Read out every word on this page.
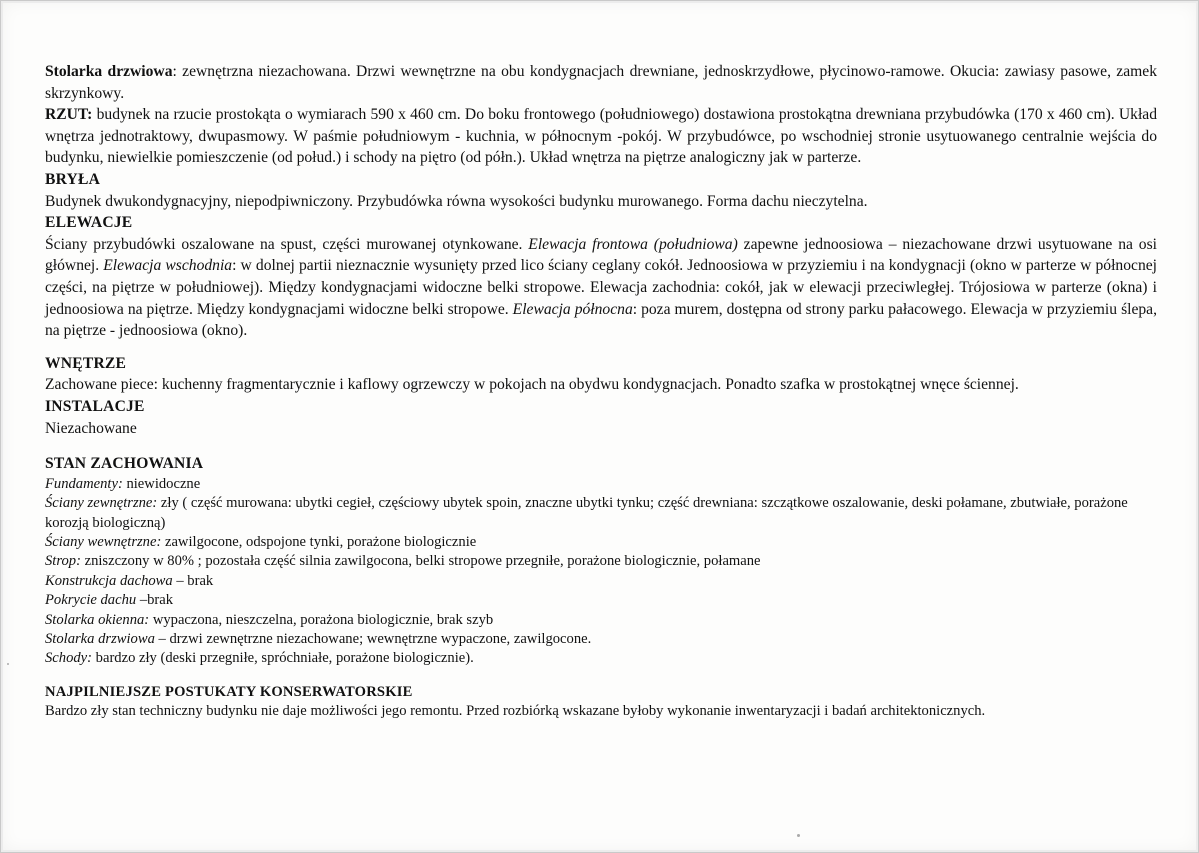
Stolarka drzwiowa: zewnętrzna niezachowana. Drzwi wewnętrzne na obu kondygnacjach drewniane, jednoskrzydłowe, płycinowo-ramowe. Okucia: zawiasy pasowe, zamek skrzynkowy.

RZUT: budynek na rzucie prostokąta o wymiarach 590 x 460 cm. Do boku frontowego (południowego) dostawiona prostokątna drewniana przybudówka (170 x 460 cm). Układ wnętrza jednotraktowy, dwupasmowy. W paśmie południowym - kuchnia, w północnym -pokój. W przybudówce, po wschodniej stronie usytuowanego centralnie wejścia do budynku, niewielkie pomieszczenie (od połud.) i schody na piętro (od półn.). Układ wnętrza na piętrze analogiczny jak w parterze.

BRYŁA

Budynek dwukondygnacyjny, niepodpiwniczony. Przybudówka równa wysokości budynku murowanego. Forma dachu nieczytelna.

ELEWACJE

Ściany przybudówki oszalowane na spust, części murowanej otynkowane. Elewacja frontowa (południowa) zapewne jednoosiowa – niezachowane drzwi usytuowane na osi głównej. Elewacja wschodnia: w dolnej partii nieznacznie wysunięty przed lico ściany ceglany cokół. Jednoosiowa w przyziemiu i na kondygnacji (okno w parterze w północnej części, na piętrze w południowej). Między kondygnacjami widoczne belki stropowe. Elewacja zachodnia: cokół, jak w elewacji przeciwległej. Trójosiowa w parterze (okna) i jednoosiowa na piętrze. Między kondygnacjami widoczne belki stropowe. Elewacja północna: poza murem, dostępna od strony parku pałacowego. Elewacja w przyziemiu ślepa, na piętrze - jednoosiowa (okno).

WNĘTRZE

Zachowane piece: kuchenny fragmentarycznie i kaflowy ogrzewczy w pokojach na obydwu kondygnacjach. Ponadto szafka w prostokątnej wnęce ściennej.

INSTALACJE

Niezachowane

STAN ZACHOWANIA

Fundamenty: niewidoczne

Ściany zewnętrzne: zły ( część murowana: ubytki cegieł, częściowy ubytek spoin, znaczne ubytki tynku; część drewniana: szczątkowe oszalowanie, deski połamane, zbutwiałe, porażone korozją biologiczną)

Ściany wewnętrzne: zawilgocone, odspojone tynki, porażone biologicznie

Strop: zniszczony w 80% ; pozostała część silnia zawilgocona, belki stropowe przegniłe, porażone biologicznie, połamane

Konstrukcja dachowa – brak

Pokrycie dachu –brak

Stolarka okienna: wypaczona, nieszczelna, porażona biologicznie, brak szyb

Stolarka drzwiowa – drzwi zewnętrzne niezachowane; wewnętrzne wypaczone, zawilgocone.

Schody: bardzo zły (deski przegniłe, spróchniałe, porażone biologicznie).

NAJPILNIEJSZE POSTUKATY KONSERWATORSKIE

Bardzo zły stan techniczny budynku nie daje możliwości jego remontu. Przed rozbiórką wskazane byłoby wykonanie inwentaryzacji i badań architektonicznych.
